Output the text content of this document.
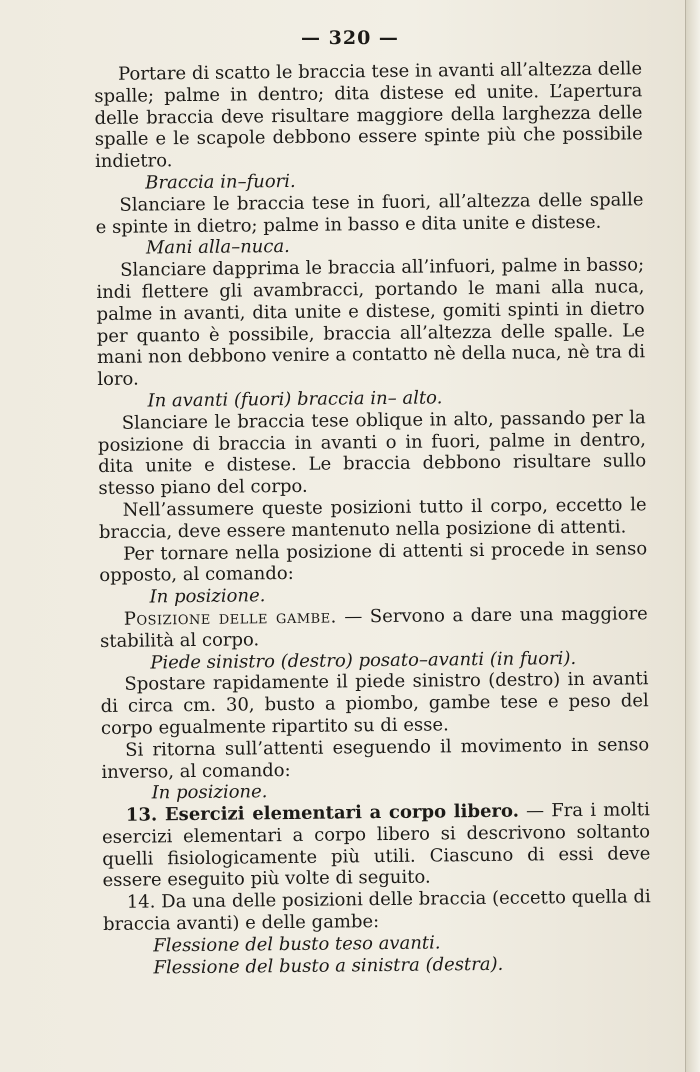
— 320 —

Portare di scatto le braccia tese in avanti all’altezza delle spalle; palme in dentro; dita distese ed unite. L’apertura delle braccia deve risultare maggiore della larghezza delle spalle e le scapole debbono essere spinte più che possibile indietro.

Braccia in–fuori.

Slanciare le braccia tese in fuori, all’altezza delle spalle e spinte in dietro; palme in basso e dita unite e distese.

Mani alla–nuca.

Slanciare dapprima le braccia all’infuori, palme in basso; indi flettere gli avambracci, portando le mani alla nuca, palme in avanti, dita unite e distese, gomiti spinti in dietro per quanto è possibile, braccia all’altezza delle spalle. Le mani non debbono venire a contatto nè della nuca, nè tra di loro.

In avanti (fuori) braccia in– alto.

Slanciare le braccia tese oblique in alto, passando per la posizione di braccia in avanti o in fuori, palme in dentro, dita unite e distese. Le braccia debbono risultare sullo stesso piano del corpo.

Nell’assumere queste posizioni tutto il corpo, eccetto le braccia, deve essere mantenuto nella posizione di attenti.

Per tornare nella posizione di attenti si procede in senso opposto, al comando:

In posizione.

Posizione delle gambe. — Servono a dare una maggiore stabilità al corpo.

Piede sinistro (destro) posato–avanti (in fuori).

Spostare rapidamente il piede sinistro (destro) in avanti di circa cm. 30, busto a piombo, gambe tese e peso del corpo egualmente ripartito su di esse.

Si ritorna sull’attenti eseguendo il movimento in senso inverso, al comando:

In posizione.

13. Esercizi elementari a corpo libero. — Fra i molti esercizi elementari a corpo libero si descrivono soltanto quelli fisiologicamente più utili. Ciascuno di essi deve essere eseguito più volte di seguito.

14. Da una delle posizioni delle braccia (eccetto quella di braccia avanti) e delle gambe:

Flessione del busto teso avanti.

Flessione del busto a sinistra (destra).
